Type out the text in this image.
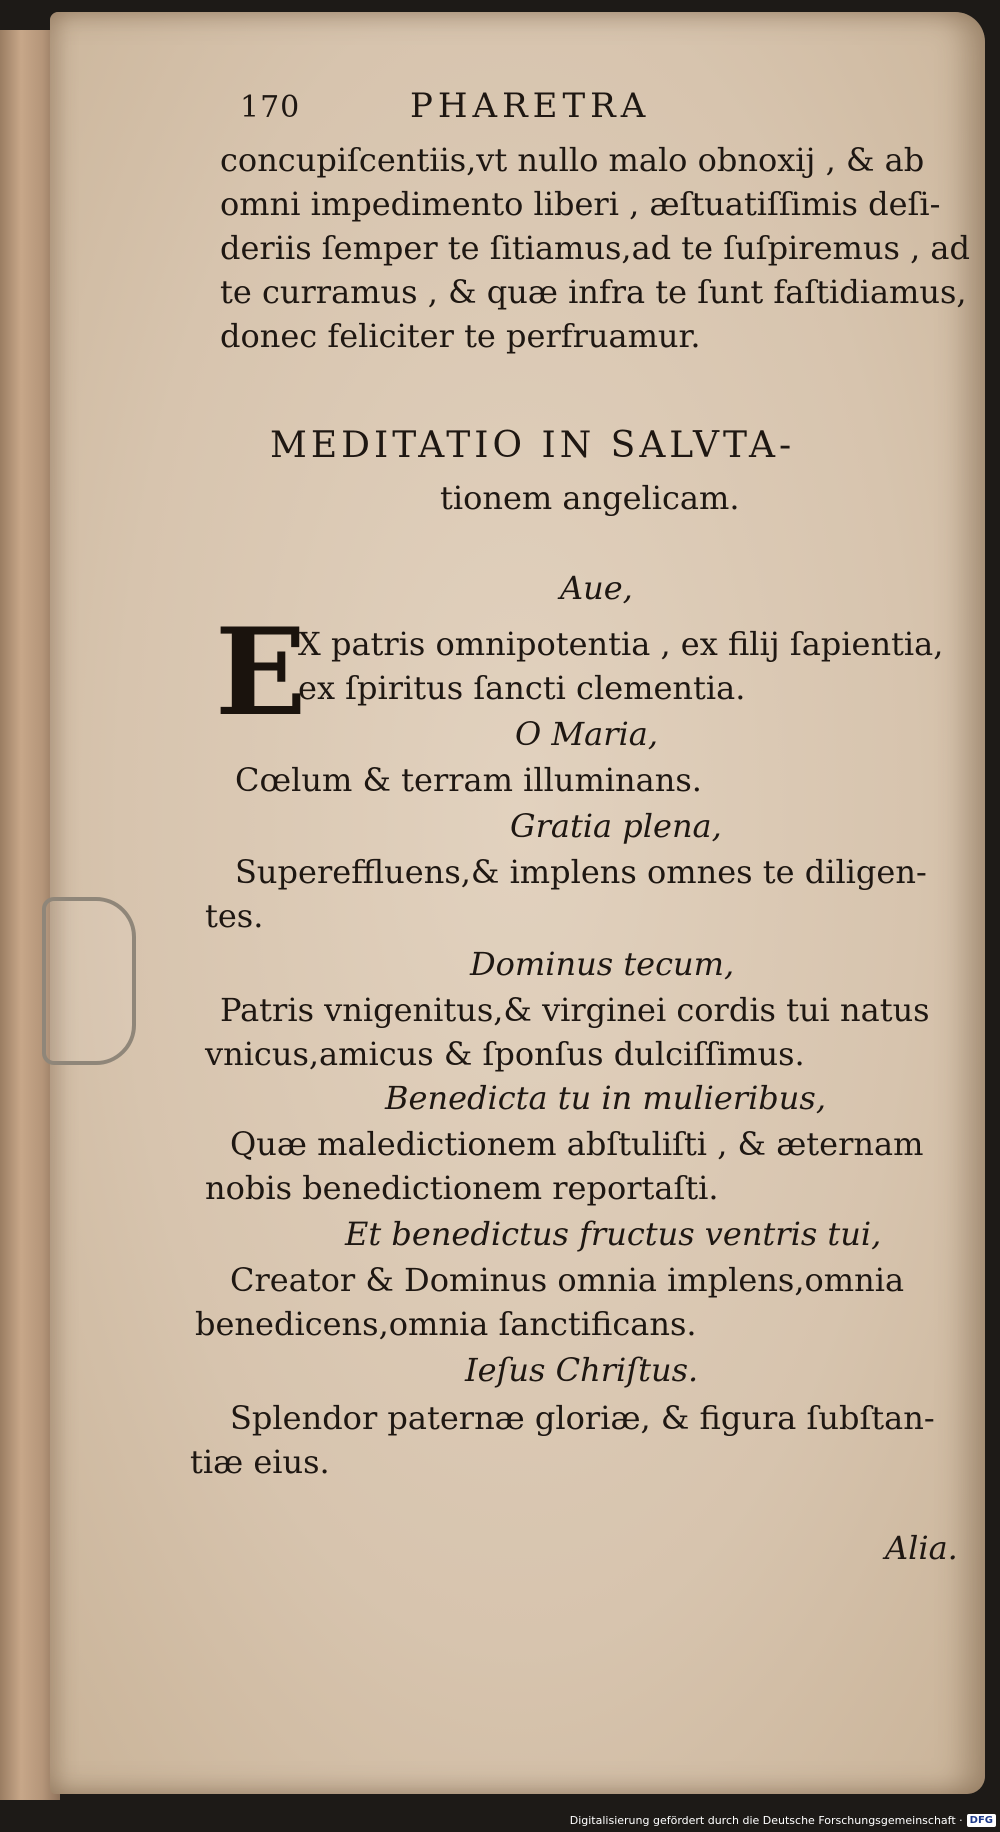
170	PHARETRA
concupiſcentiis,vt nullo malo obnoxij , & ab
omni impedimento liberi , æſtuatiſſimis deſi-
deriis ſemper te ſitiamus,ad te ſuſpiremus , ad
te curramus , & quæ infra te ſunt faſtidiamus,
donec feliciter te perfruamur.
MEDITATIO IN SALVTA-
tionem angelicam.
Aue,
E
X patris omnipotentia , ex filij ſapientia,
ex ſpiritus ſancti clementia.
O Maria,
Cœlum & terram illuminans.
Gratia plena,
Supereffluens,& implens omnes te diligen-
tes.
Dominus tecum,
Patris vnigenitus,& virginei cordis tui natus
vnicus,amicus & ſponſus dulciſſimus.
Benedicta tu in mulieribus,
Quæ maledictionem abſtuliſti , & æternam
nobis benedictionem reportaſti.
Et benedictus fructus ventris tui,
Creator & Dominus omnia implens,omnia
benedicens,omnia ſanctificans.
Ieſus Chriſtus.
Splendor paternæ gloriæ, & figura ſubſtan-
tiæ eius.
Alia.
Digitalisierung gefördert durch die Deutsche Forschungsgemeinschaft · DFG
